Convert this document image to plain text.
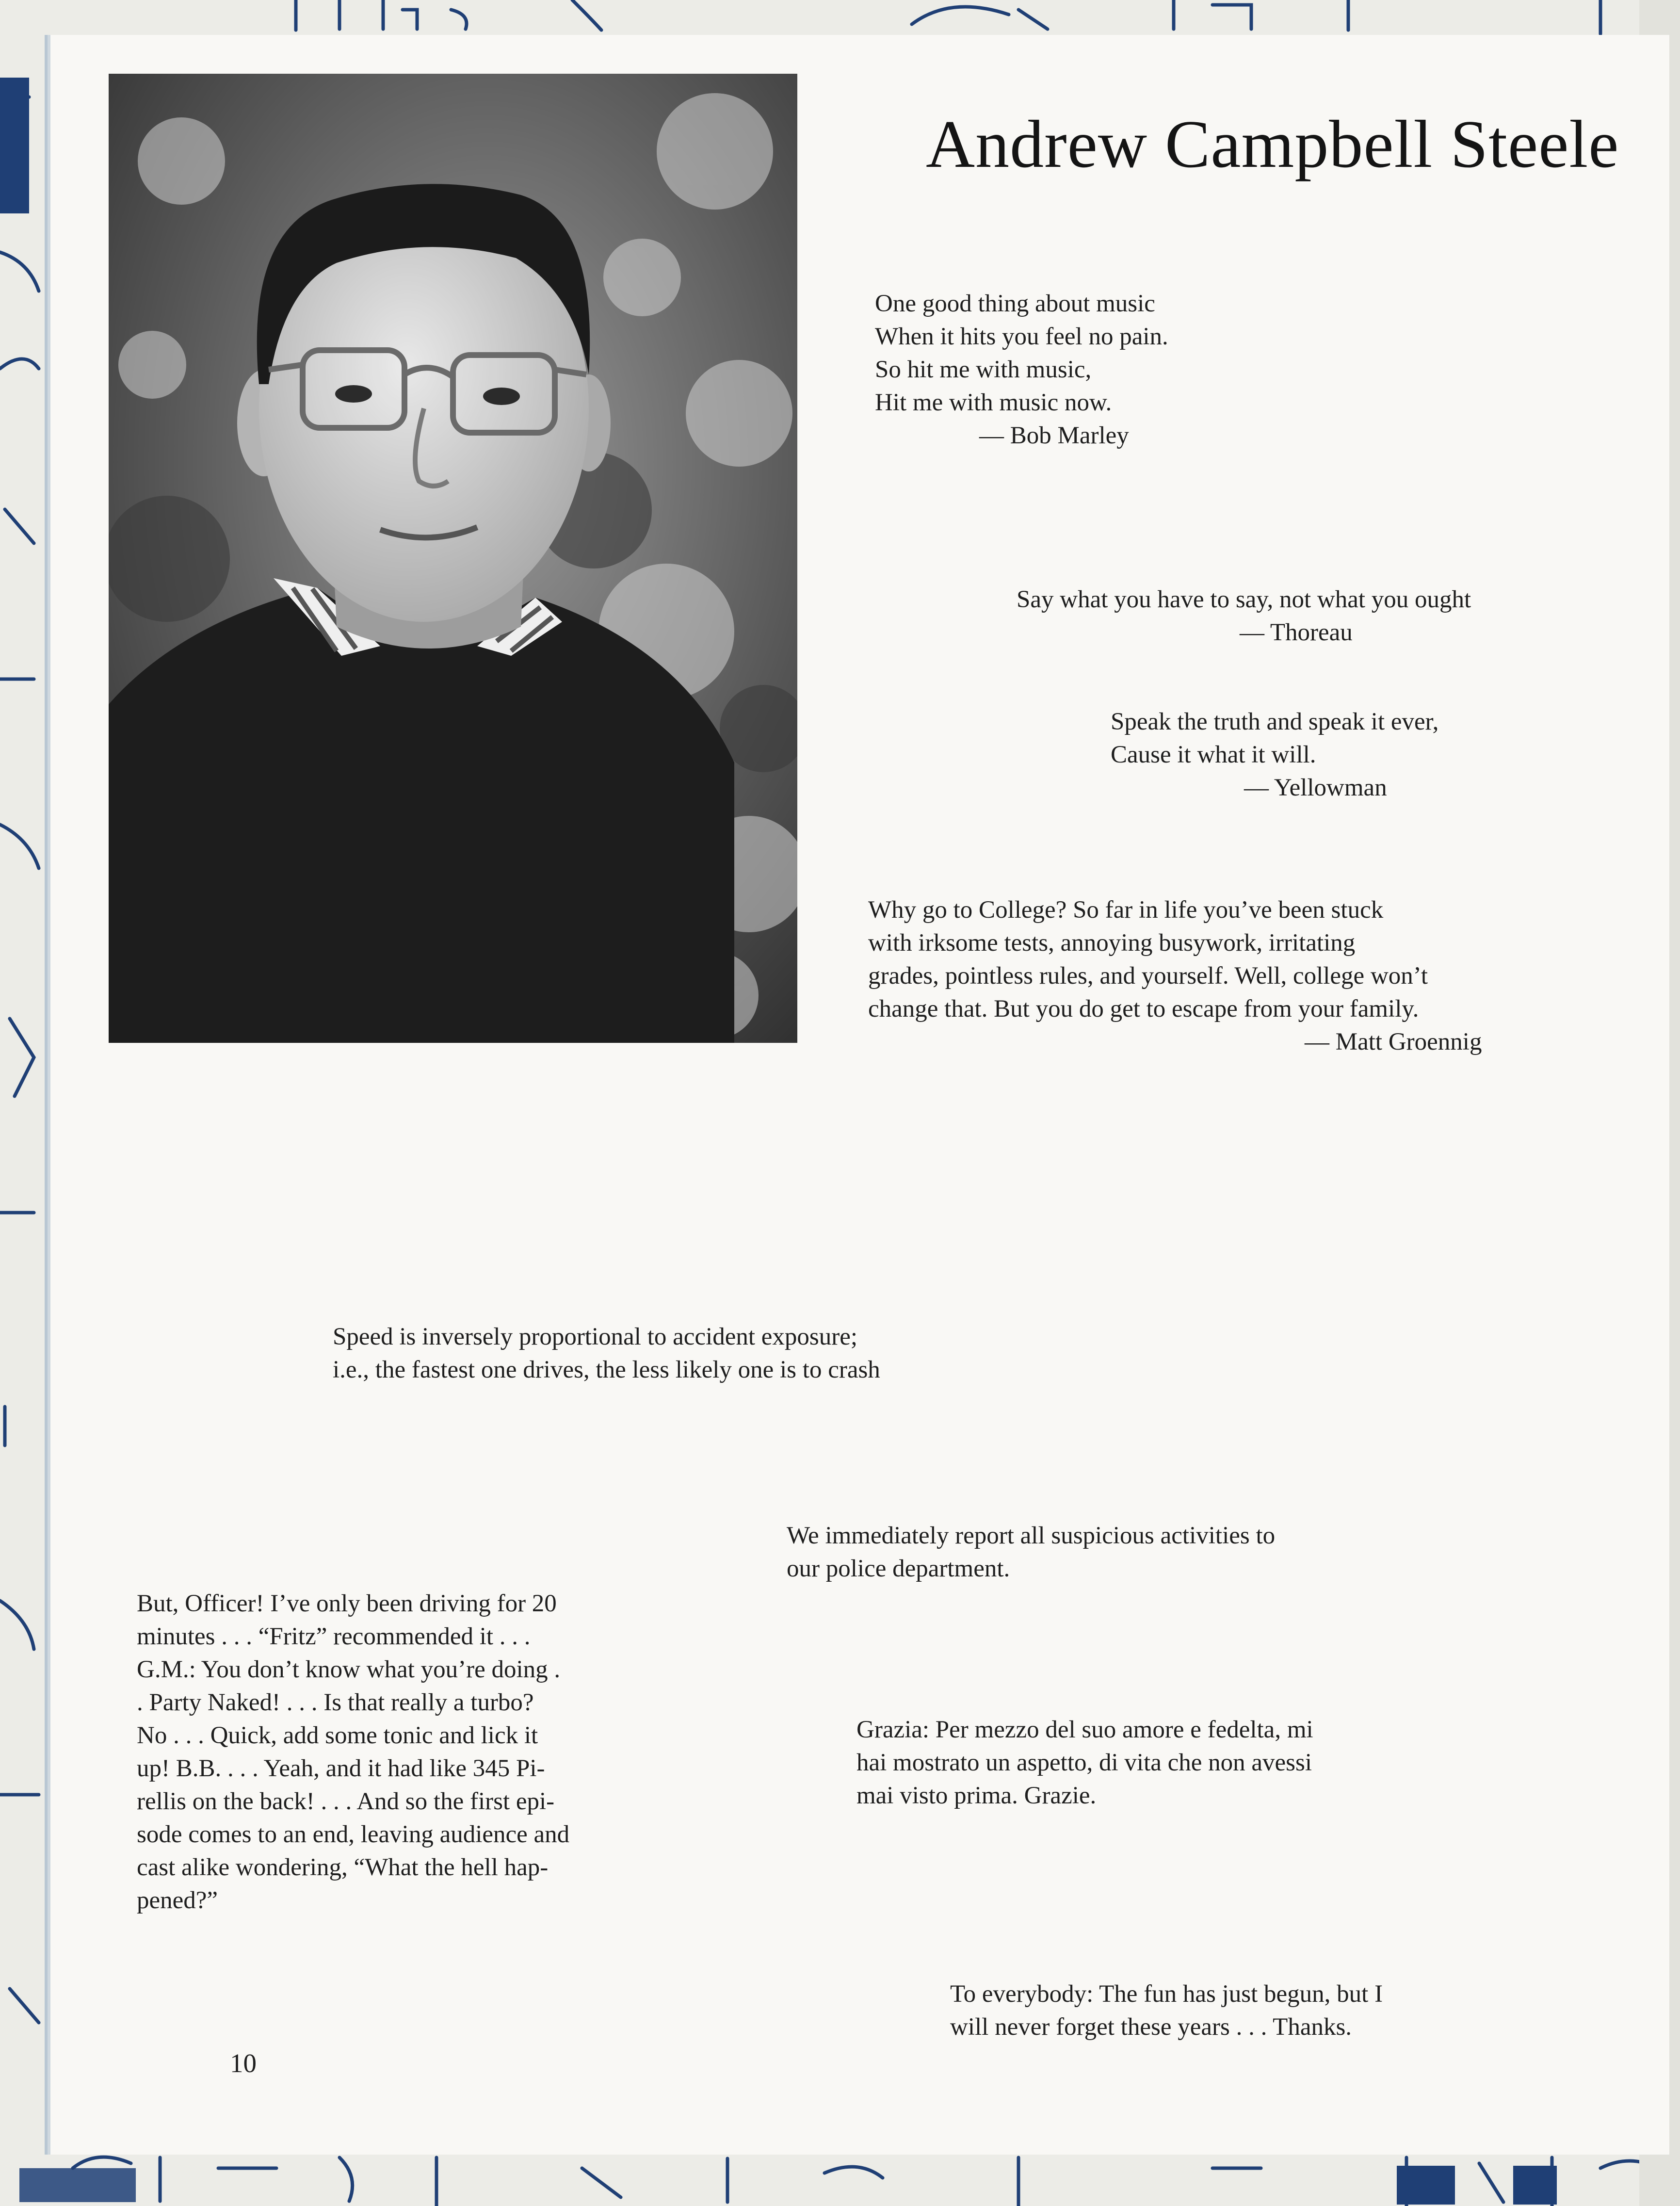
Andrew Campbell Steele

One good thing about music

When it hits you feel no pain.

So hit me with music,

Hit me with music now.

— Bob Marley

Say what you have to say, not what you ought

— Thoreau

Speak the truth and speak it ever,

Cause it what it will.

— Yellowman

Why go to College? So far in life you’ve been stuck

with irksome tests, annoying busywork, irritating

grades, pointless rules, and yourself. Well, college won’t

change that. But you do get to escape from your family.

— Matt Groennig

Speed is inversely proportional to accident exposure;

i.e., the fastest one drives, the less likely one is to crash

We immediately report all suspicious activities to

our police department.

But, Officer! I’ve only been driving for 20

minutes . . . “Fritz” recommended it . . .

G.M.: You don’t know what you’re doing .

. Party Naked! . . . Is that really a turbo?

No . . . Quick, add some tonic and lick it

up! B.B. . . . Yeah, and it had like 345 Pi-

rellis on the back! . . . And so the first epi-

sode comes to an end, leaving audience and

cast alike wondering, “What the hell hap-

pened?”

Grazia: Per mezzo del suo amore e fedelta, mi

hai mostrato un aspetto, di vita che non avessi

mai visto prima. Grazie.

To everybody: The fun has just begun, but I

will never forget these years . . . Thanks.

10
